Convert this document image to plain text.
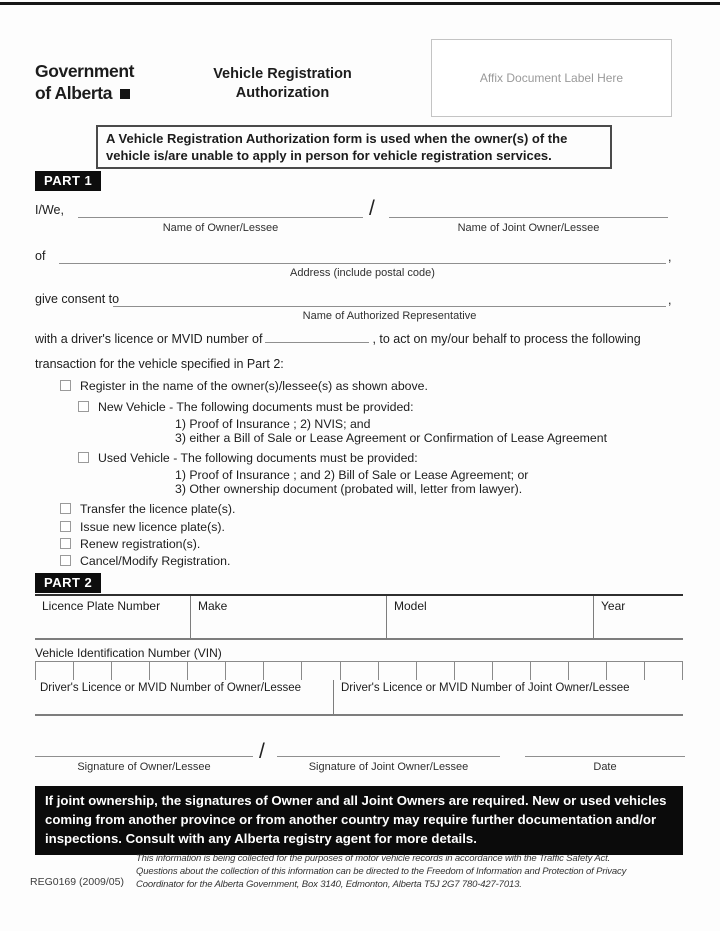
Government
of Alberta
Vehicle Registration
Authorization
Affix Document Label Here
A Vehicle Registration Authorization form is used when the owner(s) of the vehicle is/are unable to apply in person for vehicle registration services.
PART 1
I/We,	/
Name of Owner/Lessee	Name of Joint Owner/Lessee
of	,
Address (include postal code)
give consent to	,
Name of Authorized Representative
with a driver's licence or MVID number of	, to act on my/our behalf to process the following
transaction for the vehicle specified in Part 2:
Register in the name of the owner(s)/lessee(s) as shown above.
New Vehicle - The following documents must be provided:
1) Proof of Insurance ; 2) NVIS; and
3) either a Bill of Sale or Lease Agreement or Confirmation of Lease Agreement
Used Vehicle - The following documents must be provided:
1) Proof of Insurance ; and 2) Bill of Sale or Lease Agreement; or
3) Other ownership document (probated will, letter from lawyer).
Transfer the licence plate(s).
Issue new licence plate(s).
Renew registration(s).
Cancel/Modify Registration.
PART 2
Licence Plate Number	Make	Model	Year
Vehicle Identification Number (VIN)
Driver's Licence or MVID Number of Owner/Lessee	Driver's Licence or MVID Number of Joint Owner/Lessee
/
Signature of Owner/Lessee	Signature of Joint Owner/Lessee	Date
If joint ownership, the signatures of Owner and all Joint Owners are required. New or used vehicles coming from another province or from another country may require further documentation and/or inspections. Consult with any Alberta registry agent for more details.
REG0169 (2009/05)
This information is being collected for the purposes of motor vehicle records in accordance with the Traffic Safety Act.
Questions about the collection of this information can be directed to the Freedom of Information and Protection of Privacy
Coordinator for the Alberta Government, Box 3140, Edmonton, Alberta T5J 2G7 780-427-7013.
